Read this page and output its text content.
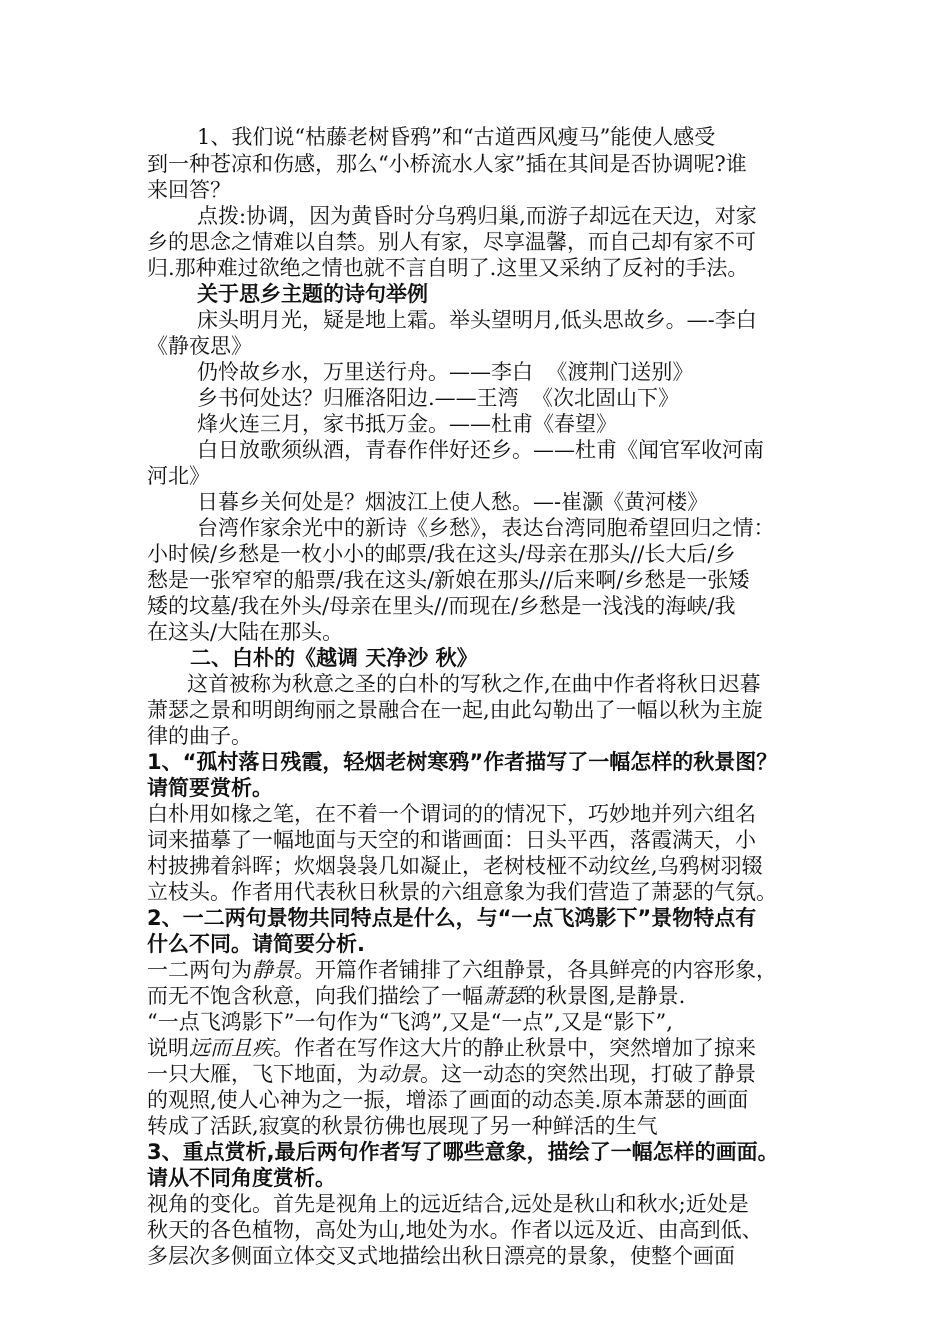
1、我们说“枯藤老树昏鸦”和“古道西风瘦马”能使人感受
到一种苍凉和伤感，那么“小桥流水人家”插在其间是否协调呢?谁
来回答？
点拨:协调，因为黄昏时分乌鸦归巢,而游子却远在天边，对家
乡的思念之情难以自禁。别人有家，尽享温馨，而自己却有家不可
归.那种难过欲绝之情也就不言自明了.这里又采纳了反衬的手法。
关于思乡主题的诗句举例
床头明月光，疑是地上霜。举头望明月,低头思故乡。—-李白
《静夜思》
仍怜故乡水，万里送行舟。——李白  《渡荆门送别》
乡书何处达？归雁洛阳边.——王湾  《次北固山下》
烽火连三月，家书抵万金。——杜甫《春望》
白日放歌须纵酒，青春作伴好还乡。——杜甫《闻官军收河南
河北》
日暮乡关何处是？烟波江上使人愁。—-崔灏《黄河楼》
台湾作家余光中的新诗《乡愁》，表达台湾同胞希望回归之情：
小时候/乡愁是一枚小小的邮票/我在这头/母亲在那头//长大后/乡
愁是一张窄窄的船票/我在这头/新娘在那头//后来啊/乡愁是一张矮
矮的坟墓/我在外头/母亲在里头//而现在/乡愁是一浅浅的海峡/我
在这头/大陆在那头。
二、白朴的《越调 天净沙 秋》
这首被称为秋意之圣的白朴的写秋之作,在曲中作者将秋日迟暮
萧瑟之景和明朗绚丽之景融合在一起,由此勾勒出了一幅以秋为主旋
律的曲子。
1、“孤村落日残霞，轻烟老树寒鸦”作者描写了一幅怎样的秋景图？
请简要赏析。
白朴用如椽之笔，在不着一个谓词的的情况下，巧妙地并列六组名
词来描摹了一幅地面与天空的和谐画面：日头平西，落霞满天，小
村披拂着斜晖；炊烟袅袅几如凝止，老树枝桠不动纹丝,乌鸦树羽辍
立枝头。作者用代表秋日秋景的六组意象为我们营造了萧瑟的气氛。
2、一二两句景物共同特点是什么，与“一点飞鸿影下”景物特点有
什么不同。请简要分析.
一二两句为静景。开篇作者铺排了六组静景，各具鲜亮的内容形象，
而无不饱含秋意，向我们描绘了一幅萧瑟的秋景图,是静景.
“一点飞鸿影下”一句作为“飞鸿”,又是“一点”,又是“影下”,
说明远而且疾。作者在写作这大片的静止秋景中，突然增加了掠来
一只大雁，飞下地面，为动景。这一动态的突然出现，打破了静景
的观照,使人心神为之一振，增添了画面的动态美.原本萧瑟的画面
转成了活跃,寂寞的秋景彷佛也展现了另一种鲜活的生气
3、重点赏析,最后两句作者写了哪些意象，描绘了一幅怎样的画面。
请从不同角度赏析。
视角的变化。首先是视角上的远近结合,远处是秋山和秋水;近处是
秋天的各色植物，高处为山,地处为水。作者以远及近、由高到低、
多层次多侧面立体交叉式地描绘出秋日漂亮的景象，使整个画面
